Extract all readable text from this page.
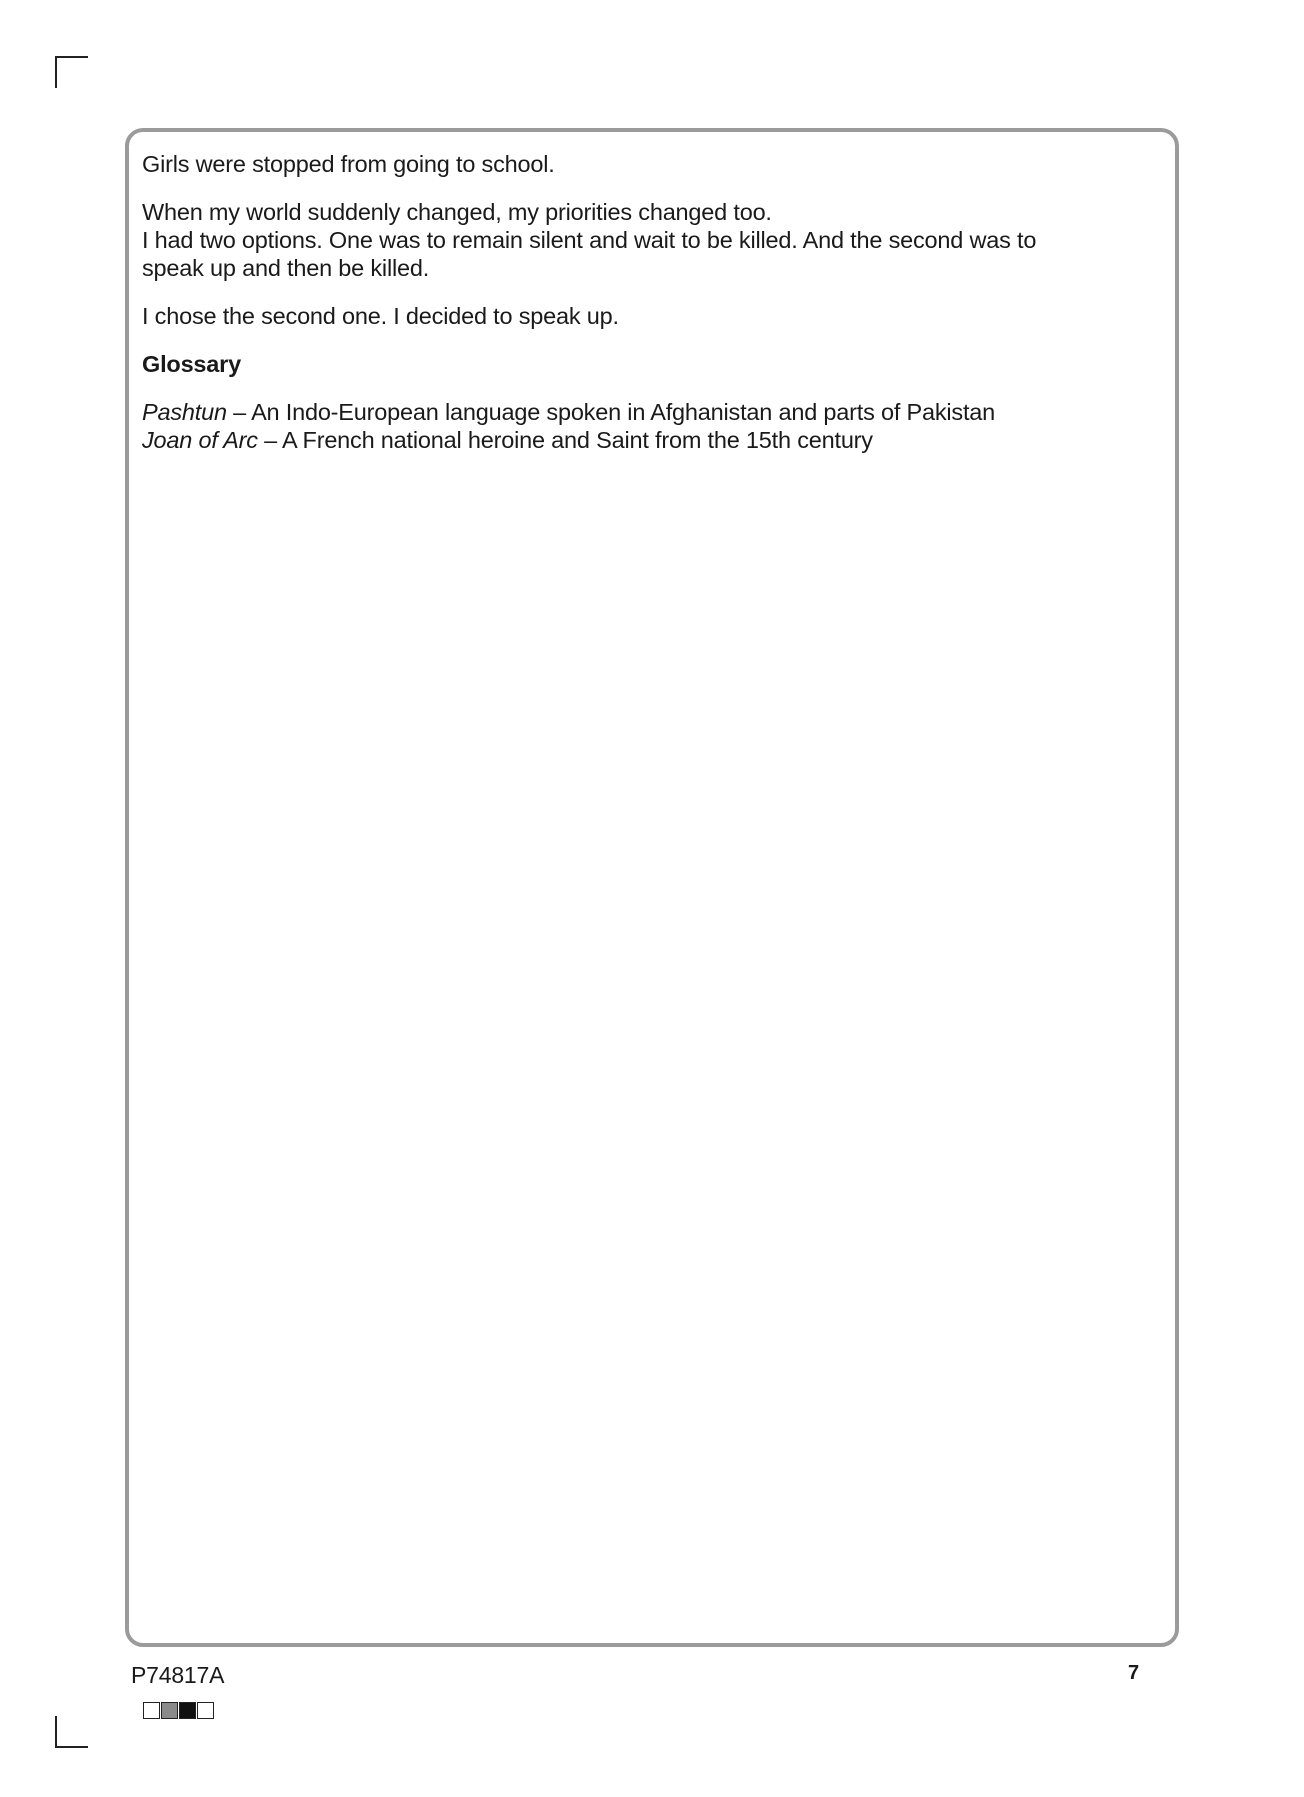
Girls were stopped from going to school.

When my world suddenly changed, my priorities changed too.
I had two options. One was to remain silent and wait to be killed. And the second was to speak up and then be killed.

I chose the second one. I decided to speak up.

Glossary

Pashtun – An Indo-European language spoken in Afghanistan and parts of Pakistan
Joan of Arc – A French national heroine and Saint from the 15th century

P74817A	7
